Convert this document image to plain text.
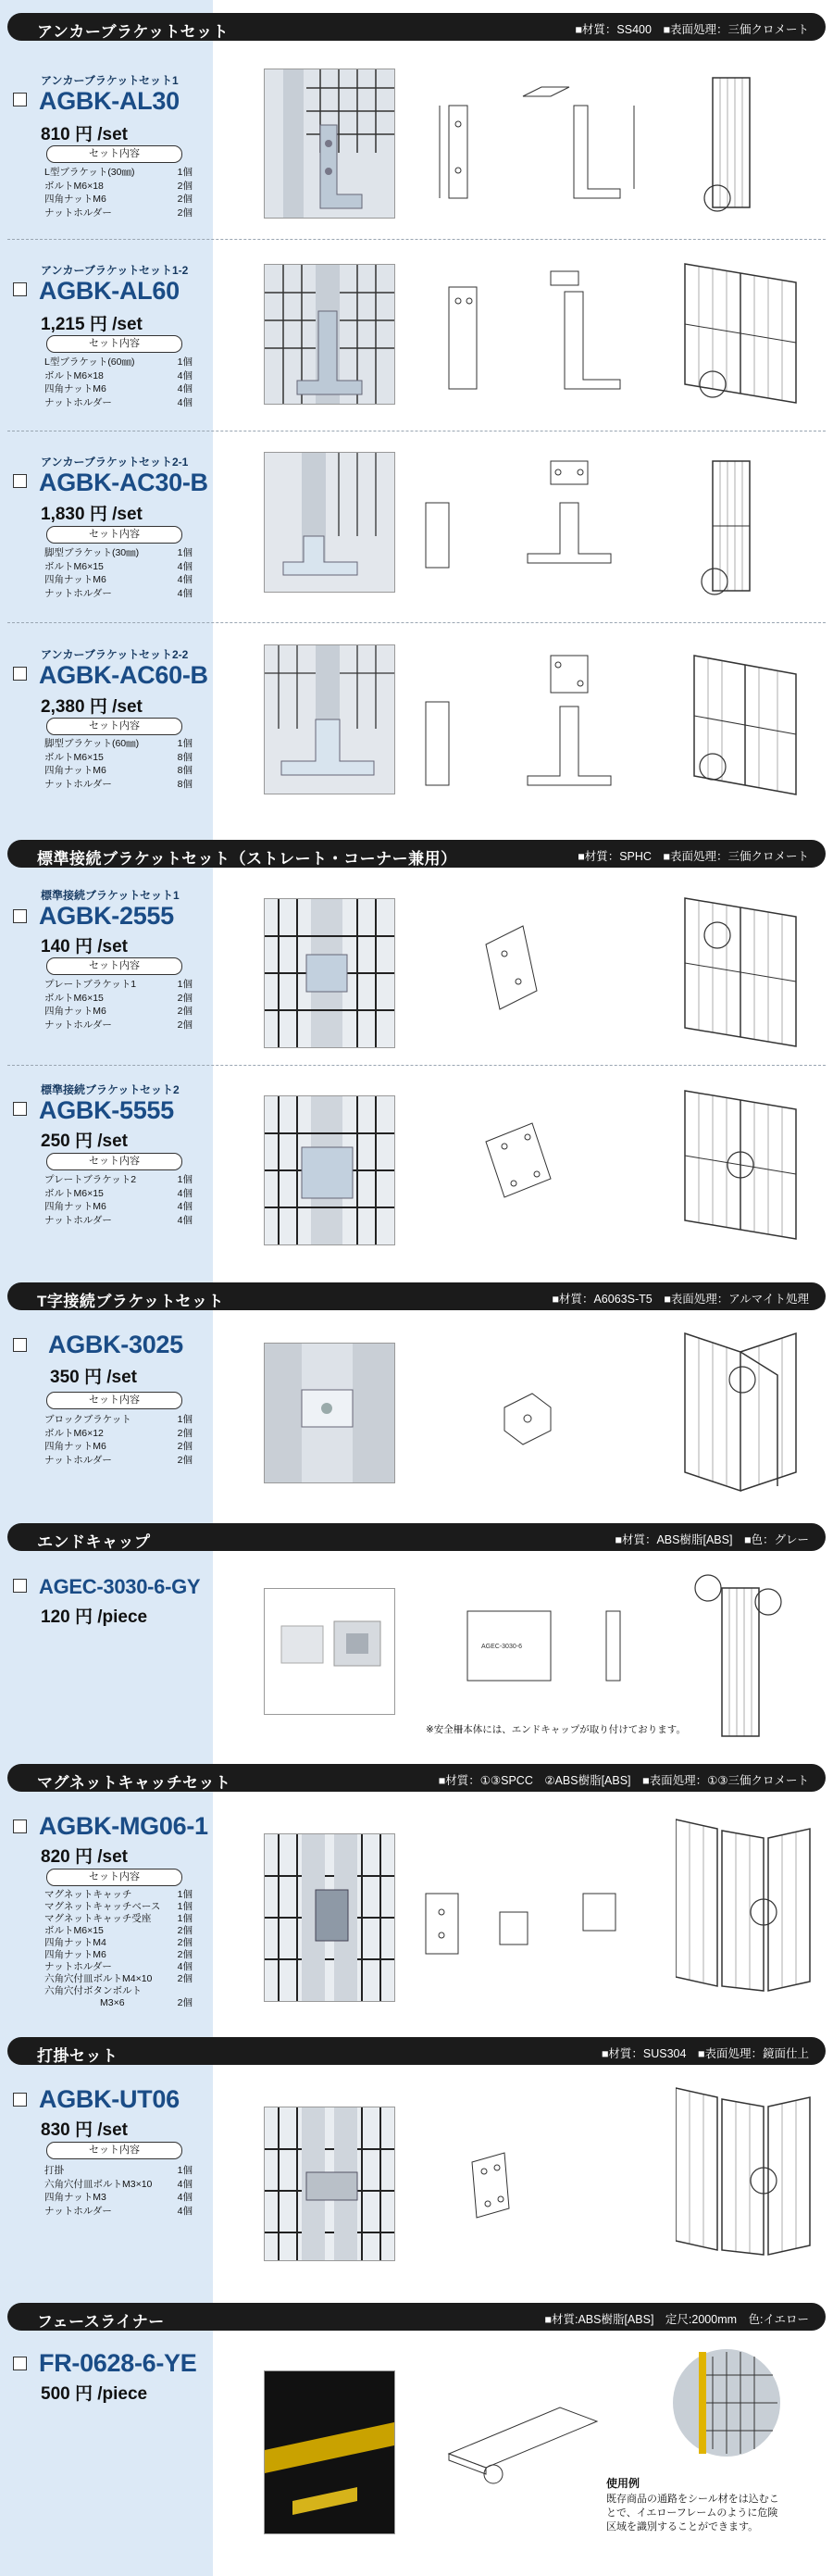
アンカーブラケットセット	■材質：SS400　■表面処理：三価クロメート
アンカーブラケットセット1
AGBK-AL30
810 円 /set
セット内容
L型ブラケット(30㎜)	1個
ボルトM6×18	2個
四角ナットM6	2個
ナットホルダー	2個
アンカーブラケットセット1-2
AGBK-AL60
1,215 円 /set
セット内容
L型ブラケット(60㎜)	1個
ボルトM6×18	4個
四角ナットM6	4個
ナットホルダー	4個
アンカーブラケットセット2-1
AGBK-AC30-B
1,830 円 /set
セット内容
脚型ブラケット(30㎜)	1個
ボルトM6×15	4個
四角ナットM6	4個
ナットホルダー	4個
アンカーブラケットセット2-2
AGBK-AC60-B
2,380 円 /set
セット内容
脚型ブラケット(60㎜)	1個
ボルトM6×15	8個
四角ナットM6	8個
ナットホルダー	8個
標準接続ブラケットセット（ストレート・コーナー兼用）	■材質：SPHC　■表面処理：三価クロメート
標準接続ブラケットセット1
AGBK-2555
140 円 /set
セット内容
プレートブラケット1	1個
ボルトM6×15	2個
四角ナットM6	2個
ナットホルダー	2個
標準接続ブラケットセット2
AGBK-5555
250 円 /set
セット内容
プレートブラケット2	1個
ボルトM6×15	4個
四角ナットM6	4個
ナットホルダー	4個
T字接続ブラケットセット	■材質：A6063S-T5　■表面処理：アルマイト処理
AGBK-3025
350 円 /set
セット内容
ブロックブラケット	1個
ボルトM6×12	2個
四角ナットM6	2個
ナットホルダー	2個
エンドキャップ	■材質：ABS樹脂[ABS]　■色：グレー
AGEC-3030-6-GY
120 円 /piece
AGEC-3030-6
※安全柵本体には、エンドキャップが取り付けております。
マグネットキャッチセット	■材質：①③SPCC　②ABS樹脂[ABS]　■表面処理：①③三価クロメート
AGBK-MG06-1
820 円 /set
セット内容
マグネットキャッチ	1個
マグネットキャッチベース	1個
マグネットキャッチ受座	1個
ボルトM6×15	2個
四角ナットM4	2個
四角ナットM6	2個
ナットホルダー	4個
六角穴付皿ボルトM4×10	2個
六角穴付ボタンボルト
M3×6	2個
打掛セット	■材質：SUS304　■表面処理：鏡面仕上
AGBK-UT06
830 円 /set
セット内容
打掛	1個
六角穴付皿ボルトM3×10	4個
四角ナットM3	4個
ナットホルダー	4個
フェースライナー	■材質:ABS樹脂[ABS]　定尺:2000mm　色:イエロー
FR-0628-6-YE
500 円 /piece
使用例
既存商品の通路をシール材をは込むことで、イエローフレームのように危険区域を識別することができます。
